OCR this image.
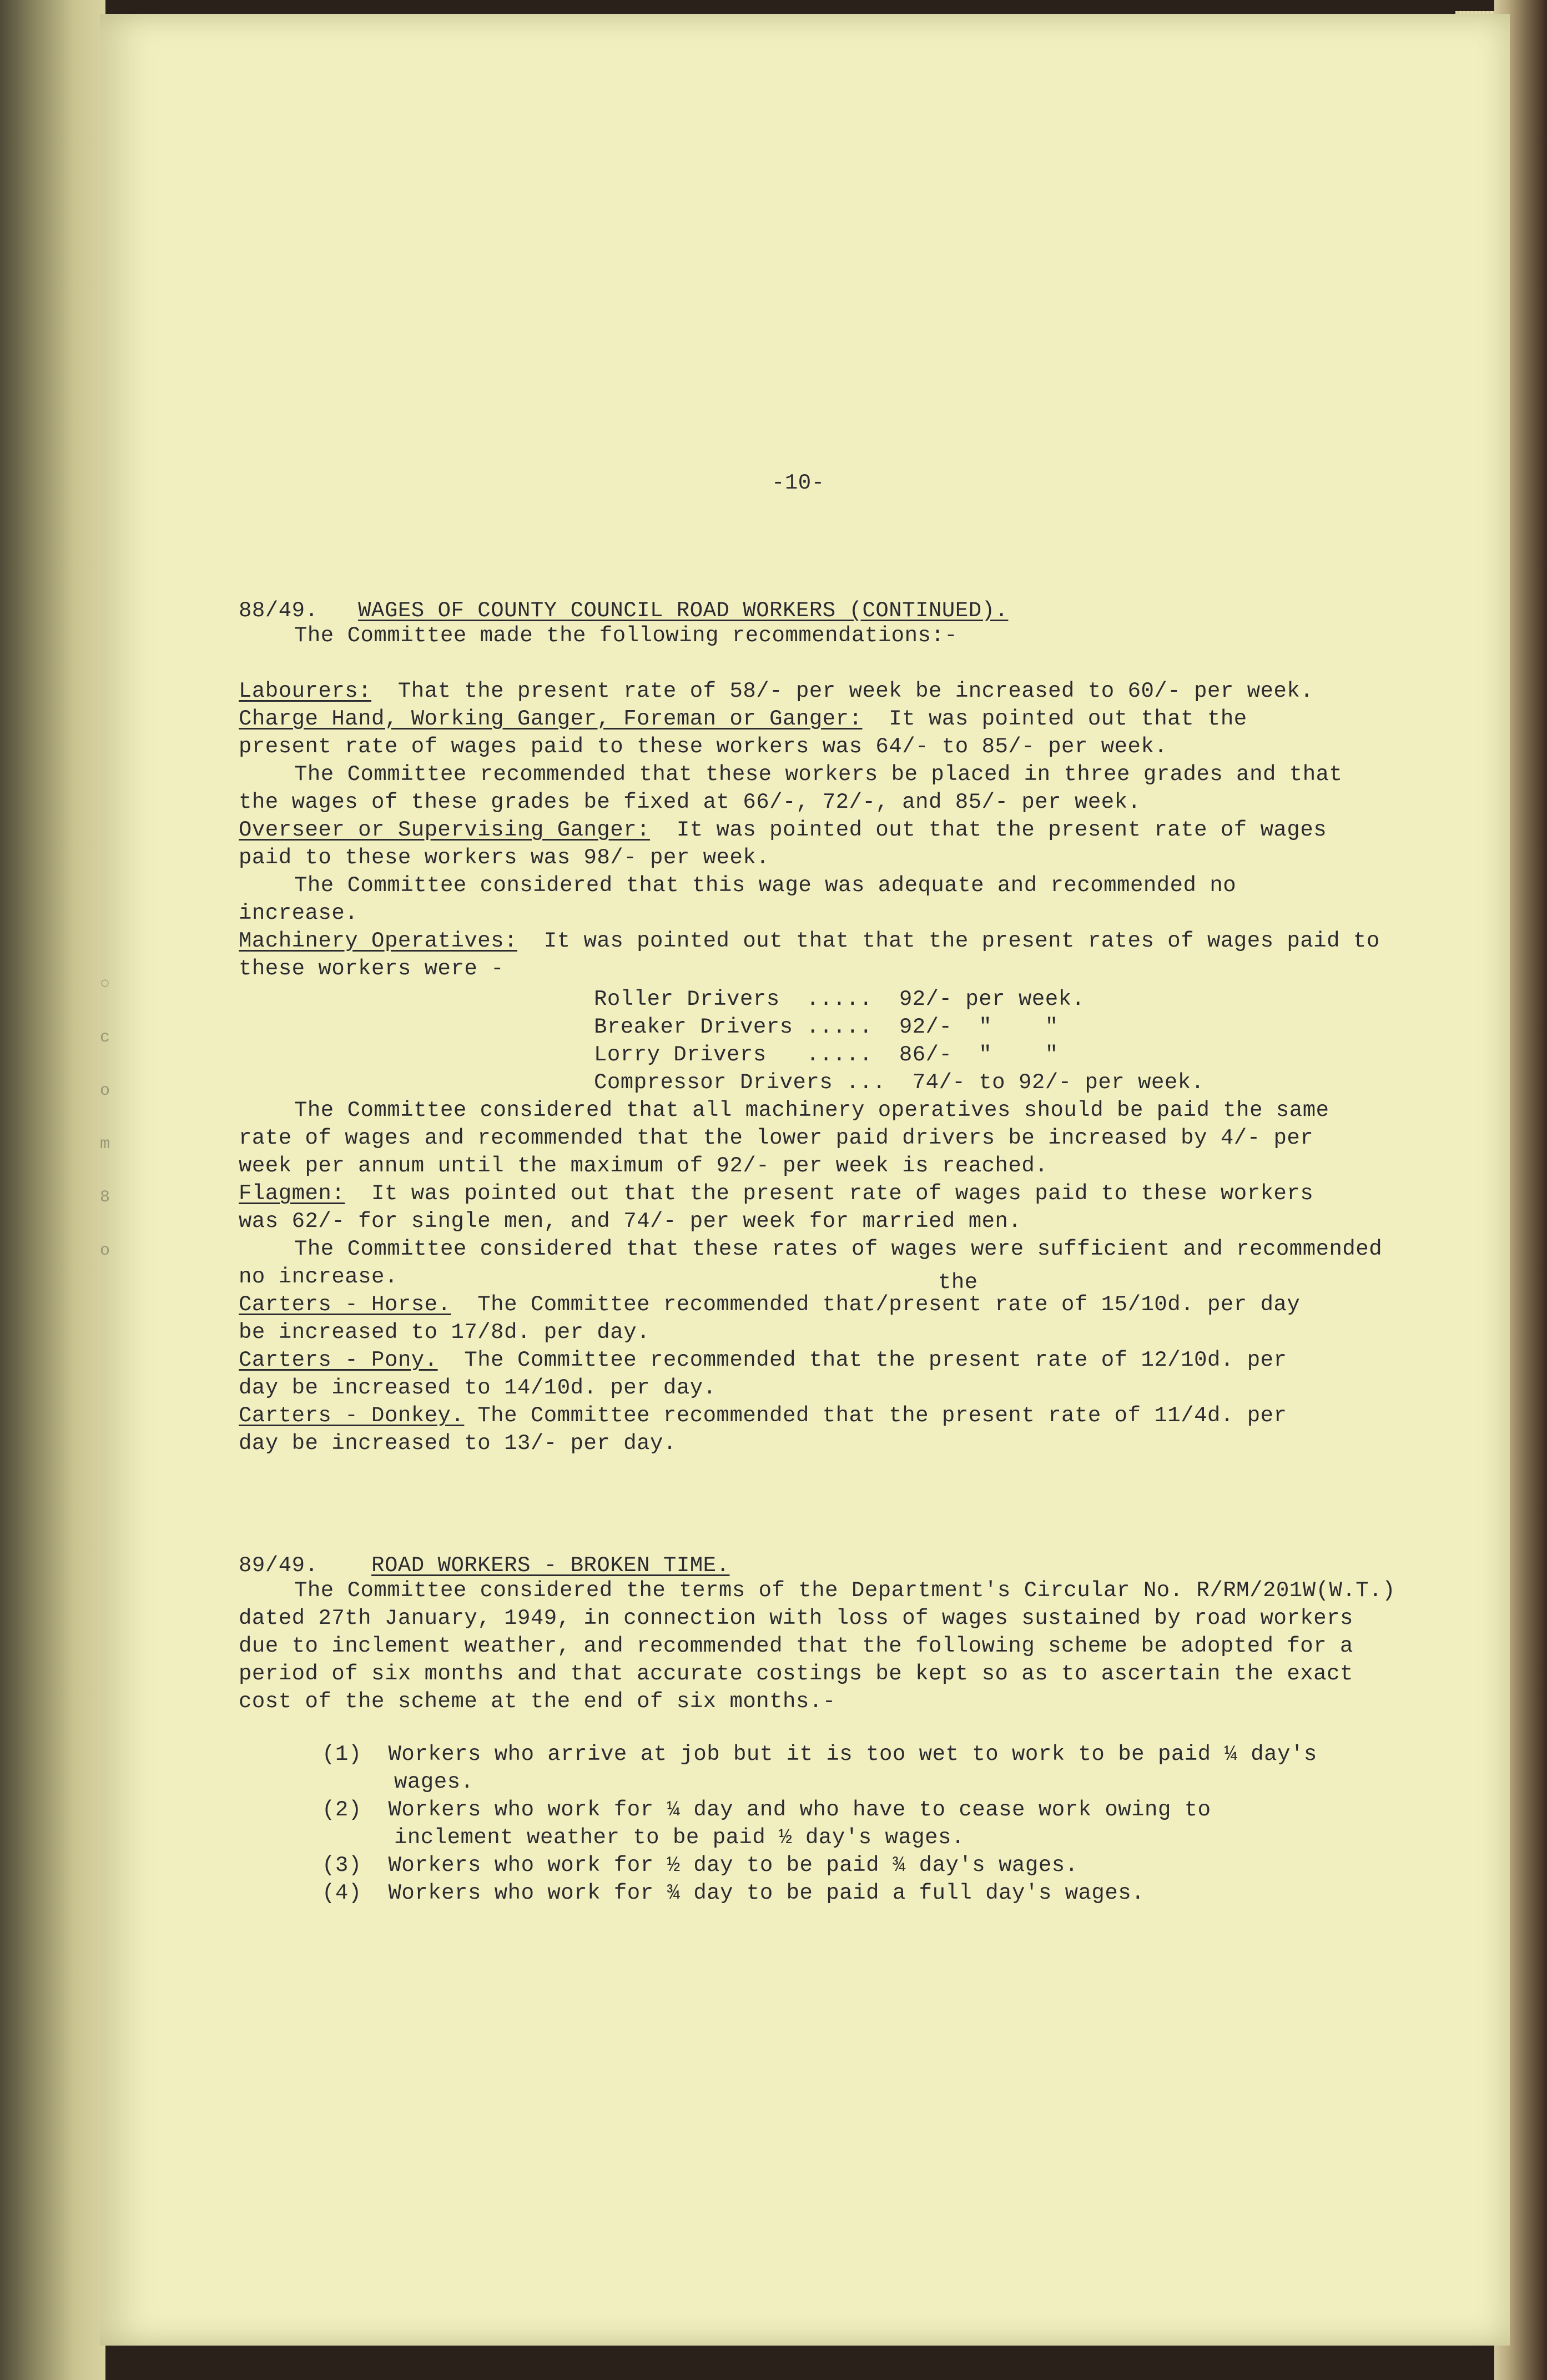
○
c
o
m
8
o
-10-
88/49. WAGES OF COUNTY COUNCIL ROAD WORKERS (CONTINUED).
The Committee made the following recommendations:-
Labourers: That the present rate of 58/- per week be increased to 60/- per week.
Charge Hand, Working Ganger, Foreman or Ganger: It was pointed out that the
present rate of wages paid to these workers was 64/- to 85/- per week.
The Committee recommended that these workers be placed in three grades and that
the wages of these grades be fixed at 66/-, 72/-, and 85/- per week.
Overseer or Supervising Ganger: It was pointed out that the present rate of wages
paid to these workers was 98/- per week.
The Committee considered that this wage was adequate and recommended no
increase.
Machinery Operatives: It was pointed out that that the present rates of wages paid to
these workers were -
Roller Drivers ..... 92/- per week.
Breaker Drivers ..... 92/-  "    "
Lorry Drivers ..... 86/-  "    "
Compressor Drivers ... 74/- to 92/- per week.
The Committee considered that all machinery operatives should be paid the same
rate of wages and recommended that the lower paid drivers be increased by 4/- per
week per annum until the maximum of 92/- per week is reached.
Flagmen: It was pointed out that the present rate of wages paid to these workers
was 62/- for single men, and 74/- per week for married men.
The Committee considered that these rates of wages were sufficient and recommended
no increase.	the
Carters - Horse. The Committee recommended that/present rate of 15/10d. per day
be increased to 17/8d. per day.
Carters - Pony. The Committee recommended that the present rate of 12/10d. per
day be increased to 14/10d. per day.
Carters - Donkey. The Committee recommended that the present rate of 11/4d. per
day be increased to 13/- per day.
89/49. ROAD WORKERS - BROKEN TIME.
The Committee considered the terms of the Department's Circular No. R/RM/201W(W.T.)
dated 27th January, 1949, in connection with loss of wages sustained by road workers
due to inclement weather, and recommended that the following scheme be adopted for a
period of six months and that accurate costings be kept so as to ascertain the exact
cost of the scheme at the end of six months.-
(1) Workers who arrive at job but it is too wet to work to be paid ¼ day's
wages.
(2) Workers who work for ¼ day and who have to cease work owing to
inclement weather to be paid ½ day's wages.
(3) Workers who work for ½ day to be paid ¾ day's wages.
(4) Workers who work for ¾ day to be paid a full day's wages.
